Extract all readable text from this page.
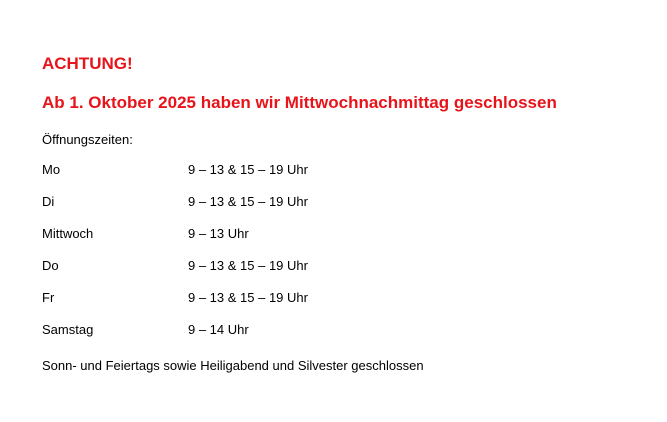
ACHTUNG!

Ab 1. Oktober 2025 haben wir Mittwochnachmittag geschlossen

Öffnungszeiten:

Mo	9 – 13 & 15 – 19 Uhr
Di	9 – 13 & 15 – 19 Uhr
Mittwoch	9 – 13 Uhr
Do	9 – 13 & 15 – 19 Uhr
Fr	9 – 13 & 15 – 19 Uhr
Samstag	9 – 14 Uhr

Sonn- und Feiertags sowie Heiligabend und Silvester geschlossen
